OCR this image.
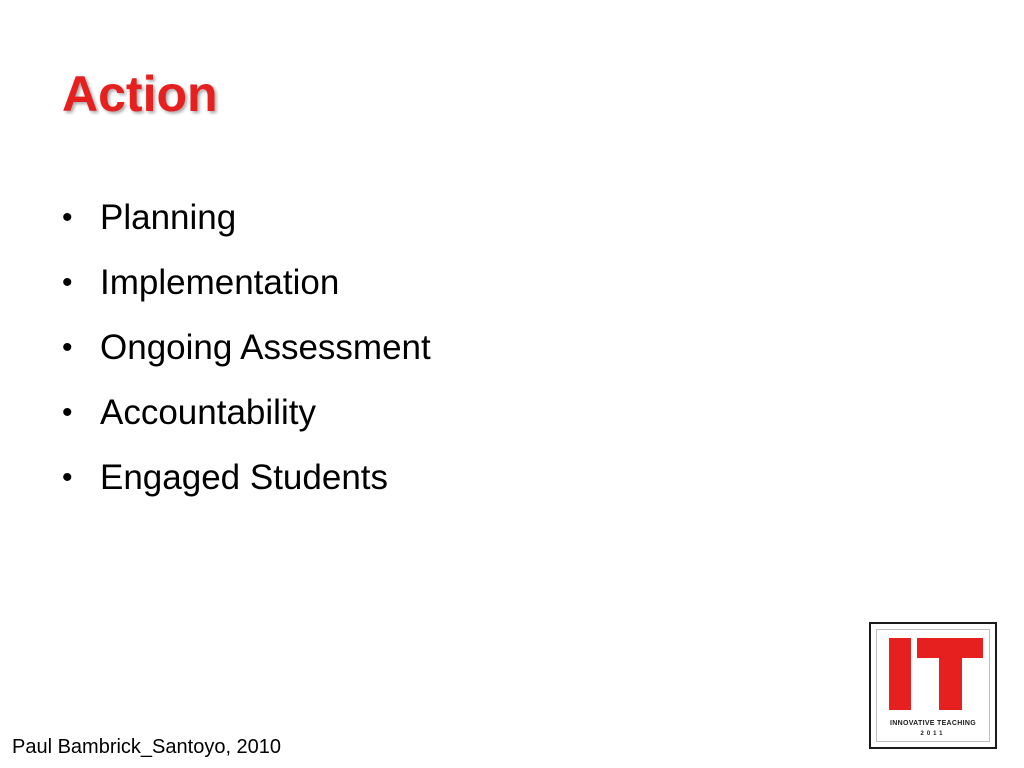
Action
• Planning
• Implementation
• Ongoing Assessment
• Accountability
• Engaged Students
Paul Bambrick_Santoyo, 2010
INNOVATIVE TEACHING
2011
